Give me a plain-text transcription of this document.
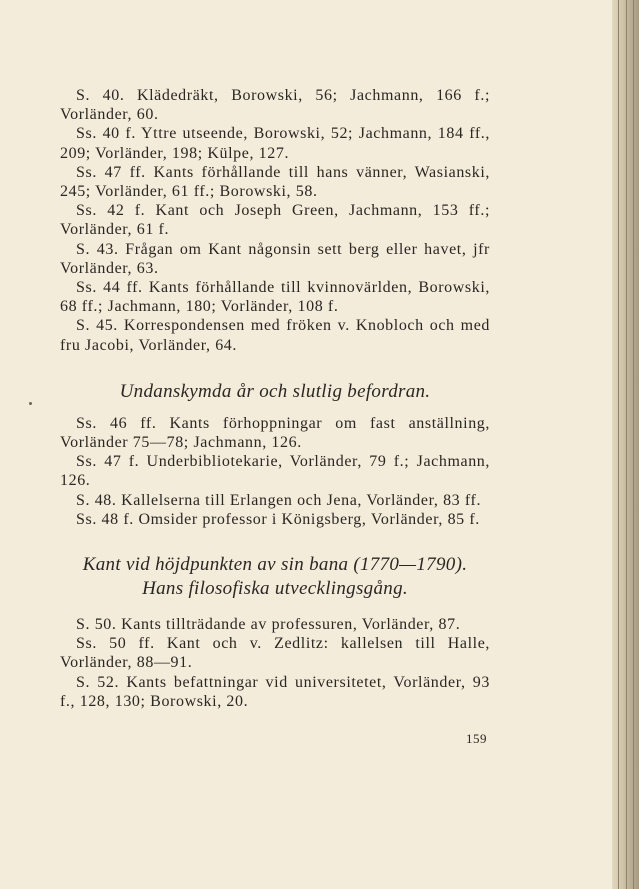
S. 40. Klädedräkt, Borowski, 56; Jachmann, 166 f.; Vorländer, 60.

Ss. 40 f. Yttre utseende, Borowski, 52; Jachmann, 184 ff., 209; Vorländer, 198; Külpe, 127.

Ss. 47 ff. Kants förhållande till hans vänner, Wasianski, 245; Vorländer, 61 ff.; Borowski, 58.

Ss. 42 f. Kant och Joseph Green, Jachmann, 153 ff.; Vorländer, 61 f.

S. 43. Frågan om Kant någonsin sett berg eller havet, jfr Vorländer, 63.

Ss. 44 ff. Kants förhållande till kvinnovärlden, Borowski, 68 ff.; Jachmann, 180; Vorländer, 108 f.

S. 45. Korrespondensen med fröken v. Knobloch och med fru Jacobi, Vorländer, 64.

Undanskymda år och slutlig befordran.

Ss. 46 ff. Kants förhoppningar om fast anställning, Vorländer 75—78; Jachmann, 126.

Ss. 47 f. Underbibliotekarie, Vorländer, 79 f.; Jachmann, 126.

S. 48. Kallelserna till Erlangen och Jena, Vorländer, 83 ff.

Ss. 48 f. Omsider professor i Königsberg, Vorländer, 85 f.

Kant vid höjdpunkten av sin bana (1770—1790).
Hans filosofiska utvecklingsgång.

S. 50. Kants tillträdande av professuren, Vorländer, 87.

Ss. 50 ff. Kant och v. Zedlitz: kallelsen till Halle, Vorländer, 88—91.

S. 52. Kants befattningar vid universitetet, Vorländer, 93 f., 128, 130; Borowski, 20.

159
